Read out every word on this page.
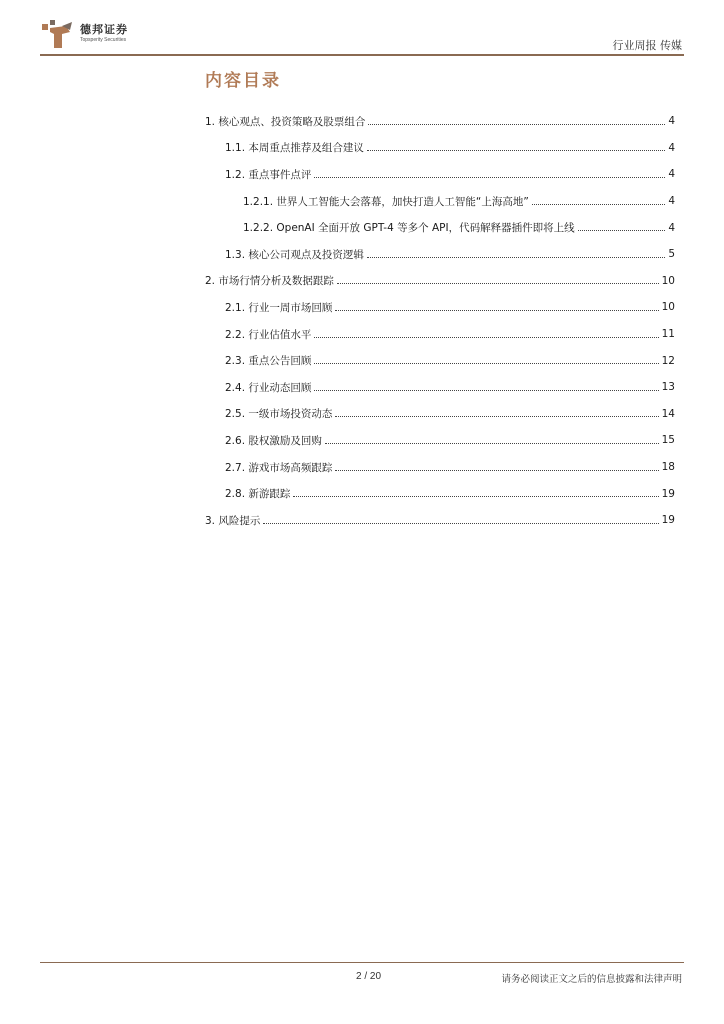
德邦证券
Topsperity Securities	行业周报 传媒
内容目录
1. 核心观点、投资策略及股票组合	4
1.1. 本周重点推荐及组合建议	4
1.2. 重点事件点评	4
1.2.1. 世界人工智能大会落幕，加快打造人工智能“上海高地”	4
1.2.2. OpenAI 全面开放 GPT-4 等多个 API，代码解释器插件即将上线	4
1.3. 核心公司观点及投资逻辑	5
2. 市场行情分析及数据跟踪	10
2.1. 行业一周市场回顾	10
2.2. 行业估值水平	11
2.3. 重点公告回顾	12
2.4. 行业动态回顾	13
2.5. 一级市场投资动态	14
2.6. 股权激励及回购	15
2.7. 游戏市场高频跟踪	18
2.8. 新游跟踪	19
3. 风险提示	19
2 / 20	请务必阅读正文之后的信息披露和法律声明
